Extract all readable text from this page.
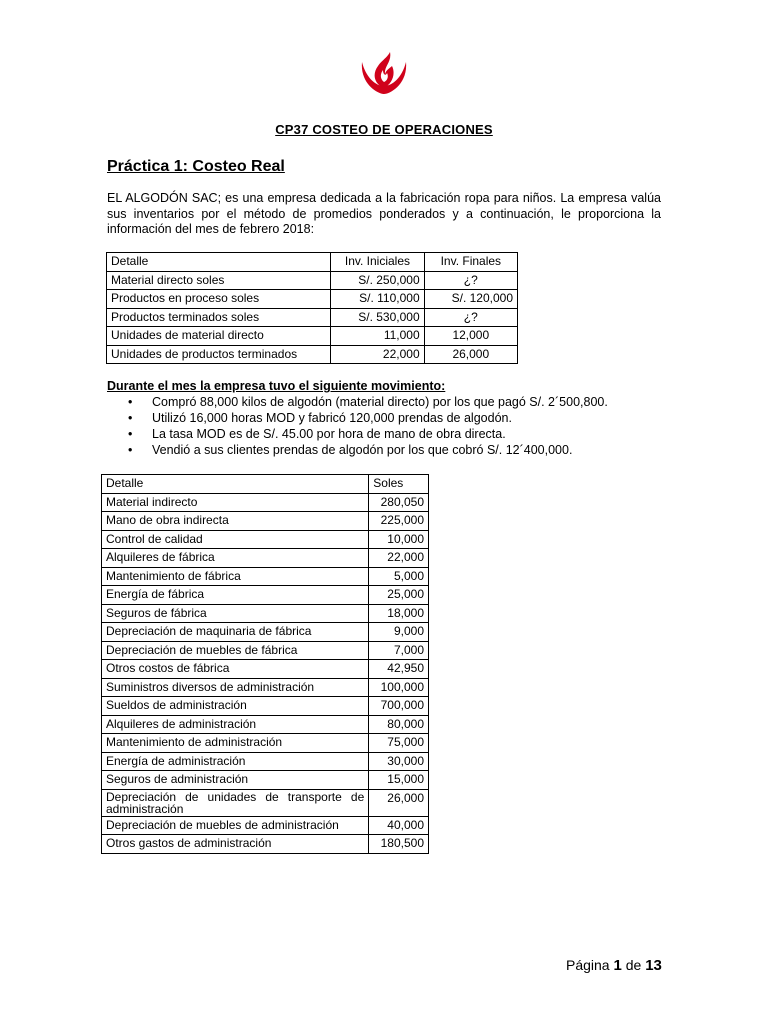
CP37 COSTEO DE OPERACIONES
Práctica 1: Costeo Real

EL ALGODÓN SAC; es una empresa dedicada a la fabricación ropa para niños. La empresa valúa sus inventarios por el método de promedios ponderados y a continuación, le proporciona la información del mes de febrero 2018:

Detalle	Inv. Iniciales	Inv. Finales
Material directo soles	S/. 250,000	¿?
Productos en proceso soles	S/. 110,000	S/. 120,000
Productos terminados soles	S/. 530,000	¿?
Unidades de material directo	11,000	12,000
Unidades de productos terminados	22,000	26,000
Durante el mes la empresa tuvo el siguiente movimiento:
• Compró 88,000 kilos de algodón (material directo) por los que pagó S/. 2´500,800.
• Utilizó 16,000 horas MOD y fabricó 120,000 prendas de algodón.
• La tasa MOD es de S/. 45.00 por hora de mano de obra directa.
• Vendió a sus clientes prendas de algodón por los que cobró S/. 12´400,000.
Detalle	Soles
Material indirecto	280,050
Mano de obra indirecta	225,000
Control de calidad	10,000
Alquileres de fábrica	22,000
Mantenimiento de fábrica	5,000
Energía de fábrica	25,000
Seguros de fábrica	18,000
Depreciación de maquinaria de fábrica	9,000
Depreciación de muebles de fábrica	7,000
Otros costos de fábrica	42,950
Suministros diversos de administración	100,000
Sueldos de administración	700,000
Alquileres de administración	80,000
Mantenimiento de administración	75,000
Energía de administración	30,000
Seguros de administración	15,000
Depreciación de unidades de transporte de administración	26,000
Depreciación de muebles de administración	40,000
Otros gastos de administración	180,500
Página 1 de 13
